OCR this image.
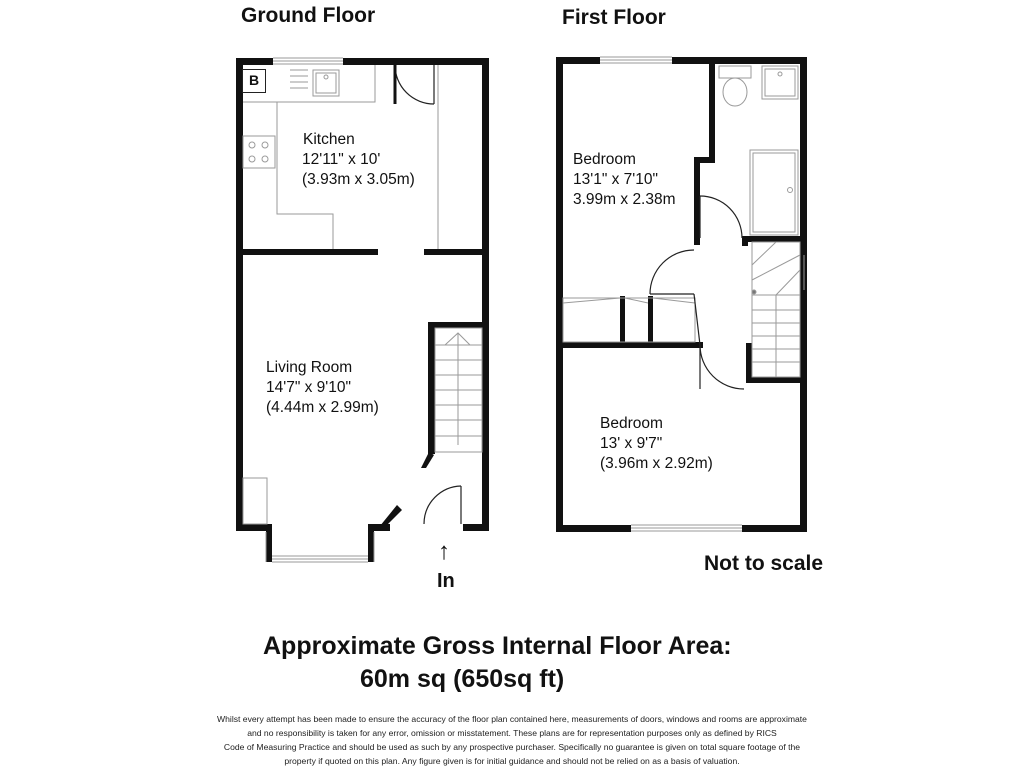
Ground Floor	First Floor
B
Kitchen
12'11" x 10'
(3.93m x 3.05m)
Living Room
14'7" x 9'10"
(4.44m x 2.99m)
↑
In
Bedroom
13'1" x 7'10"
3.99m x 2.38m
Bedroom
13' x 9'7"
(3.96m x 2.92m)
Not to scale
Approximate Gross Internal Floor Area:
60m sq (650sq ft)
Whilst every attempt has been made to ensure the accuracy of the floor plan contained here, measurements of doors, windows and rooms are approximate
and no responsibility is taken for any error, omission or misstatement. These plans are for representation purposes only as defined by RICS
Code of Measuring Practice and should be used as such by any prospective purchaser. Specifically no guarantee is given on total square footage of the
property if quoted on this plan. Any figure given is for initial guidance and should not be relied on as a basis of valuation.
